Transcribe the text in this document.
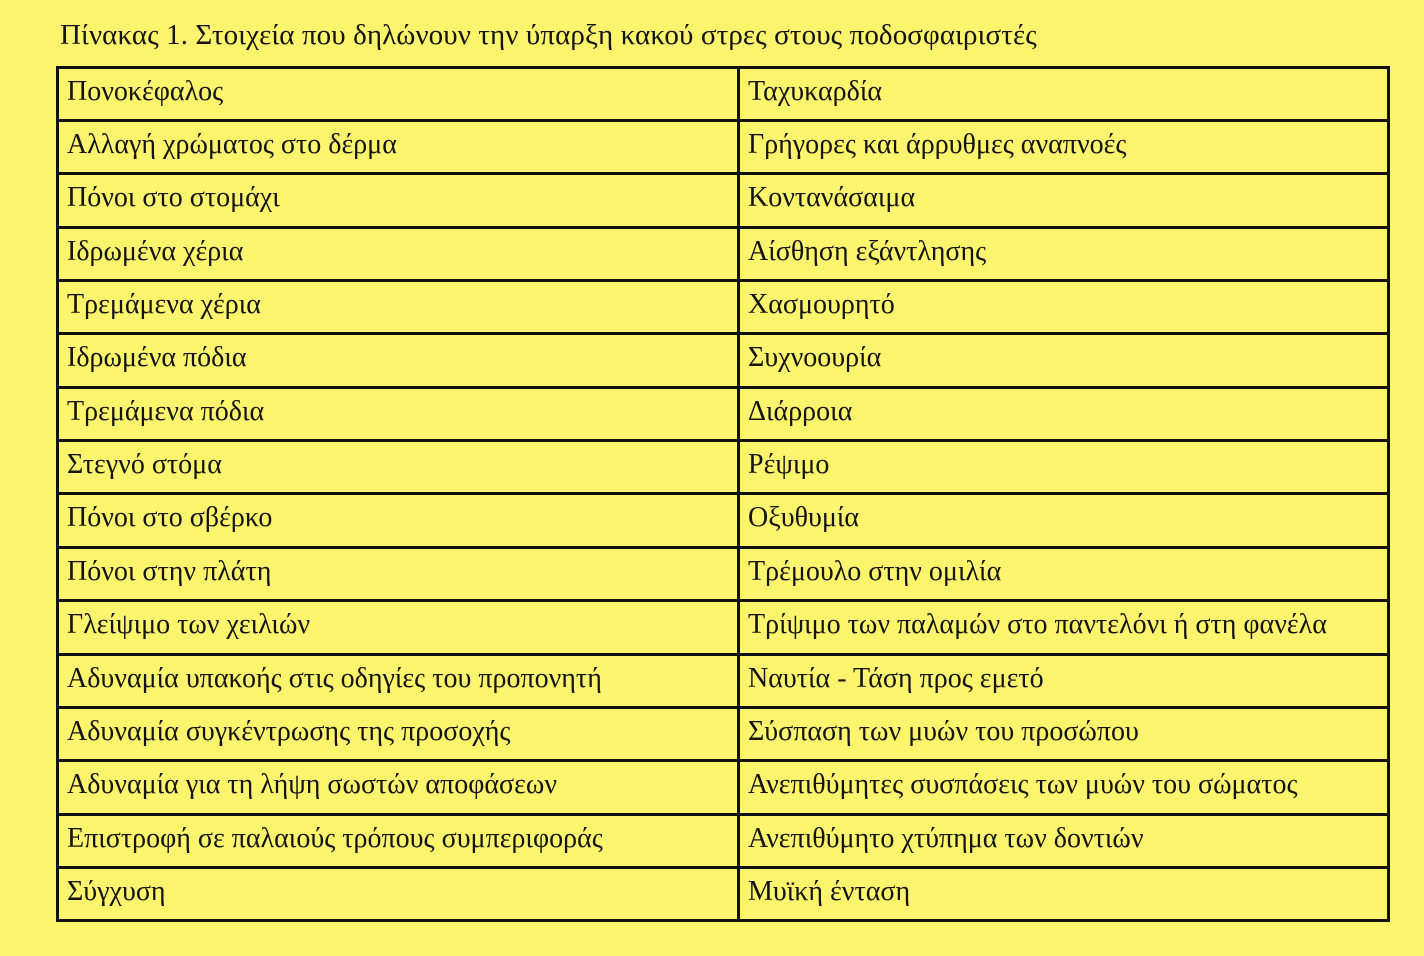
Πίνακας 1. Στοιχεία που δηλώνουν την ύπαρξη κακού στρες στους ποδοσφαιριστές
Πονοκέφαλος	Ταχυκαρδία
Αλλαγή χρώματος στο δέρμα	Γρήγορες και άρρυθμες αναπνοές
Πόνοι στο στομάχι	Κοντανάσαιμα
Ιδρωμένα χέρια	Αίσθηση εξάντλησης
Τρεμάμενα χέρια	Χασμουρητό
Ιδρωμένα πόδια	Συχνοουρία
Τρεμάμενα πόδια	Διάρροια
Στεγνό στόμα	Ρέψιμο
Πόνοι στο σβέρκο	Οξυθυμία
Πόνοι στην πλάτη	Τρέμουλο στην ομιλία
Γλείψιμο των χειλιών	Τρίψιμο των παλαμών στο παντελόνι ή στη φανέλα
Αδυναμία υπακοής στις οδηγίες του προπονητή	Ναυτία - Τάση προς εμετό
Αδυναμία συγκέντρωσης της προσοχής	Σύσπαση των μυών του προσώπου
Αδυναμία για τη λήψη σωστών αποφάσεων	Ανεπιθύμητες συσπάσεις των μυών του σώματος
Επιστροφή σε παλαιούς τρόπους συμπεριφοράς	Ανεπιθύμητο χτύπημα των δοντιών
Σύγχυση	Μυϊκή ένταση
